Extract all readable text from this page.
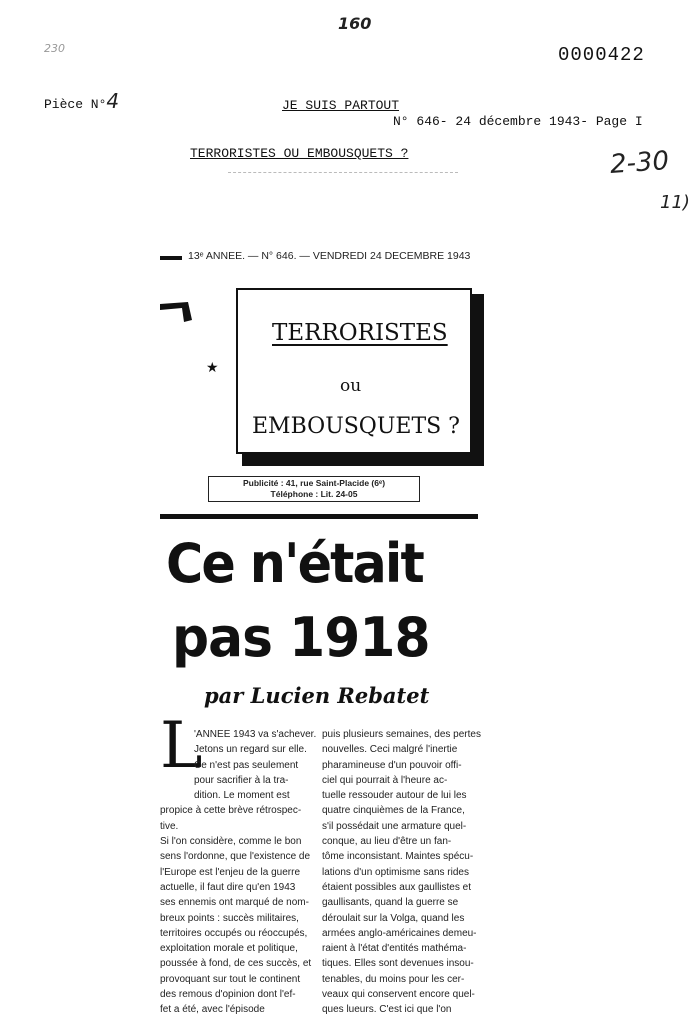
160
230	0000422
Pièce N°4
2-30
11)
JE SUIS PARTOUT
N° 646- 24 décembre 1943- Page I
TERRORISTES OU EMBOUSQUETS ?
13ᵉ ANNEE. — N° 646. — VENDREDI 24 DECEMBRE 1943
★
TERRORISTES
ou
EMBOUSQUETS ?
Publicité : 41, rue Saint-Placide (6ᵉ)
Téléphone : Lit. 24-05
Ce n'était
pas 1918
par Lucien Rebatet
L
'ANNEE 1943 va s'achever.
Jetons un regard sur elle.
Ce n'est pas seulement
pour sacrifier à la tra-
dition. Le moment est
propice à cette brève rétrospec-
tive.
Si l'on considère, comme le bon
sens l'ordonne, que l'existence de
l'Europe est l'enjeu de la guerre
actuelle, il faut dire qu'en 1943
ses ennemis ont marqué de nom-
breux points : succès militaires,
territoires occupés ou réoccupés,
exploitation morale et politique,
poussée à fond, de ces succès, et
provoquant sur tout le continent
des remous d'opinion dont l'ef-
fet a été, avec l'épisode
puis plusieurs semaines, des pertes
nouvelles. Ceci malgré l'inertie
pharamineuse d'un pouvoir offi-
ciel qui pourrait à l'heure ac-
tuelle ressouder autour de lui les
quatre cinquièmes de la France,
s'il possédait une armature quel-
conque, au lieu d'être un fan-
tôme inconsistant. Maintes spécu-
lations d'un optimisme sans rides
étaient possibles aux gaullistes et
gaullisants, quand la guerre se
déroulait sur la Volga, quand les
armées anglo-américaines demeu-
raient à l'état d'entités mathéma-
tiques. Elles sont devenues insou-
tenables, du moins pour les cer-
veaux qui conservent encore quel-
ques lueurs. C'est ici que l'on
